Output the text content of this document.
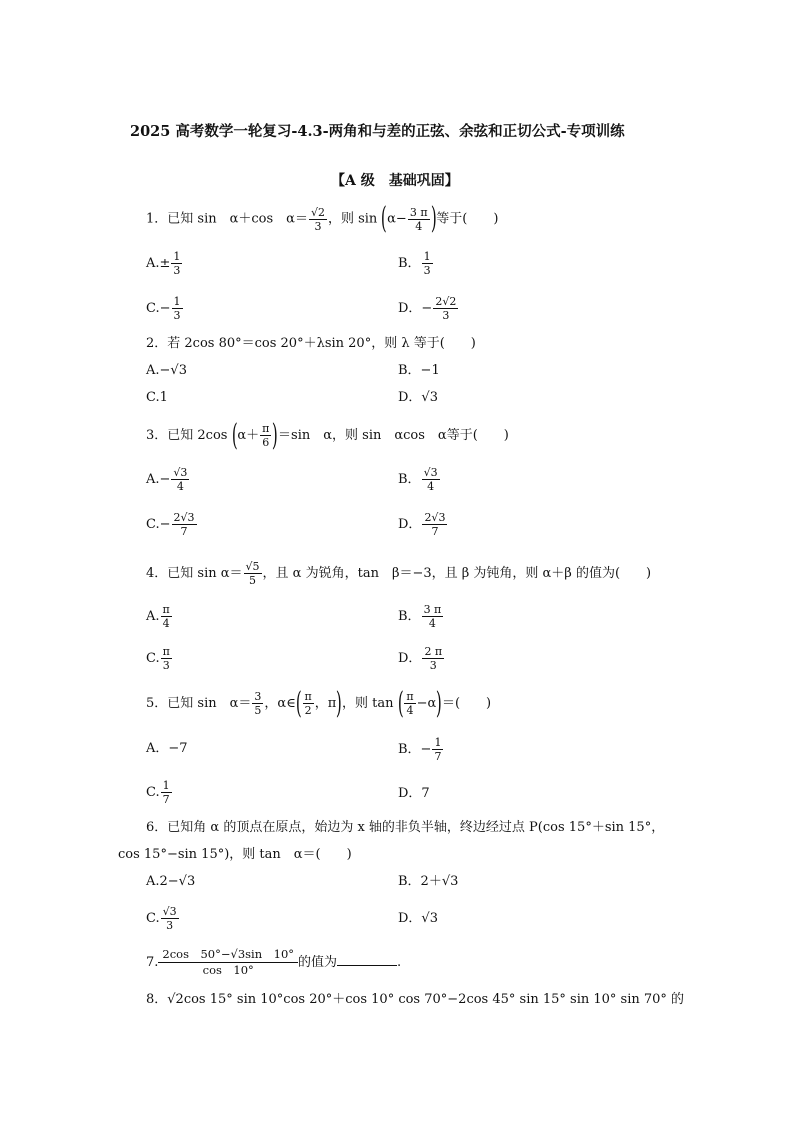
2025 高考数学一轮复习-4.3-两角和与差的正弦、余弦和正切公式-专项训练
【A 级　基础巩固】
1．已知 sin　α＋cos　$\alpha= \frac{√2}{3}$ ，则 $\sin (\alpha- \frac{3 \pi}{4}$ )等于(　　)
$A.\pm \frac{1}{3}$	B． $\frac{1}{3}$
$C.- \frac{1}{3}$	D．− $\frac{2√2}{3}$
2．若 2cos 80°＝cos 20°＋λsin 20°，则 λ 等于(　　)
A.−√3	B．−1
C.1	D．√3
3．已知 2cos $(\alpha+ \frac{\pi}{6} )=\sin$　α，则 sin　αcos　α等于(　　)
$A.- \frac{√3}{4}$	B． $\frac{√3}{4}$
$C.- \frac{2√3}{7}$	D． $\frac{2√3}{7}$
4．已知 $\sin \alpha= \frac{√5}{5}$ ，且 α 为锐角，tan　β＝−3，且 β 为钝角，则 α＋β 的值为(　　)
A. $\frac{\pi}{4}$	B． $\frac{3 \pi}{4}$
C. $\frac{\pi}{3}$	D． $\frac{2 \pi}{3}$
5．已知 sin　$\alpha= \frac{3}{5}$ ，α∈( $\frac{\pi}{2}$ ，π)，则 tan ( $\frac{\pi}{4} -\alpha)=$(　　)
A．−7	B．− $\frac{1}{7}$
C. $\frac{1}{7}$	D．7
6．已知角 α 的顶点在原点，始边为 x 轴的非负半轴，终边经过点 P(cos 15°＋sin 15°，
cos 15°−sin 15°)，则 tan　α＝(　　)
A.2−√3	B．2＋√3
C. $\frac{√3}{3}$	D．√3
7. $\frac{2\cos 50^\circ-√3\sin 10^\circ}{\cos 10^\circ}$ 的值为	.
8．√2cos 15° sin 10°cos 20°＋cos 10° cos 70°−2cos 45° sin 15° sin 10° sin 70° 的
